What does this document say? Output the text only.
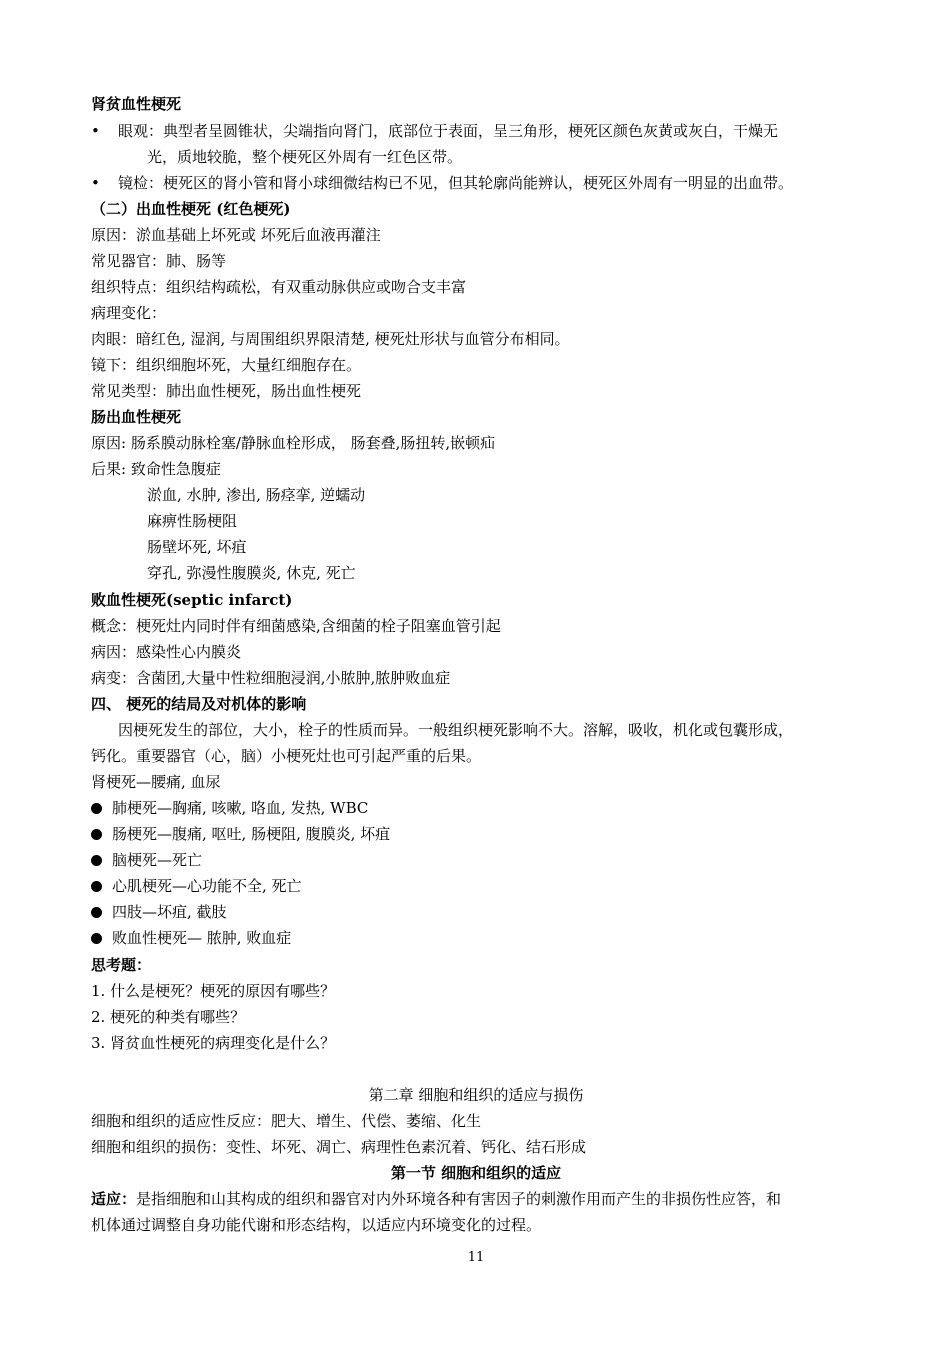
肾贫血性梗死
• 眼观：典型者呈圆锥状，尖端指向肾门，底部位于表面，呈三角形，梗死区颜色灰黄或灰白，干燥无
光，质地较脆，整个梗死区外周有一红色区带。
• 镜检：梗死区的肾小管和肾小球细微结构已不见，但其轮廓尚能辨认，梗死区外周有一明显的出血带。
（二）出血性梗死 (红色梗死)
原因：淤血基础上坏死或 坏死后血液再灌注
常见器官：肺、肠等
组织特点：组织结构疏松，有双重动脉供应或吻合支丰富
病理变化：
肉眼：暗红色, 湿润, 与周围组织界限清楚, 梗死灶形状与血管分布相同。
镜下：组织细胞坏死，大量红细胞存在。
常见类型：肺出血性梗死，肠出血性梗死
肠出血性梗死
原因: 肠系膜动脉栓塞/静脉血栓形成， 肠套叠,肠扭转,嵌顿疝
后果: 致命性急腹症
淤血, 水肿, 渗出, 肠痉挛, 逆蠕动
麻痹性肠梗阻
肠壁坏死, 坏疽
穿孔, 弥漫性腹膜炎, 休克, 死亡
败血性梗死(septic infarct)
概念：梗死灶内同时伴有细菌感染,含细菌的栓子阻塞血管引起
病因：感染性心内膜炎
病变：含菌团,大量中性粒细胞浸润,小脓肿,脓肿败血症
四、 梗死的结局及对机体的影响
因梗死发生的部位，大小，栓子的性质而异。一般组织梗死影响不大。溶解，吸收，机化或包囊形成，
钙化。重要器官（心，脑）小梗死灶也可引起严重的后果。
肾梗死—腰痛, 血尿
肺梗死—胸痛, 咳嗽, 咯血, 发热, WBC
肠梗死—腹痛, 呕吐, 肠梗阻, 腹膜炎, 坏疽
脑梗死—死亡
心肌梗死—心功能不全, 死亡
四肢—坏疽, 截肢
败血性梗死— 脓肿, 败血症
思考题：
1. 什么是梗死？梗死的原因有哪些？
2. 梗死的种类有哪些？
3. 肾贫血性梗死的病理变化是什么？
第二章 细胞和组织的适应与损伤
细胞和组织的适应性反应：肥大、增生、代偿、萎缩、化生
细胞和组织的损伤：变性、坏死、凋亡、病理性色素沉着、钙化、结石形成
第一节 细胞和组织的适应
适应：是指细胞和山其构成的组织和器官对内外环境各种有害因子的刺激作用而产生的非损伤性应答，和
机体通过调整自身功能代谢和形态结构，以适应内环境变化的过程。
11
